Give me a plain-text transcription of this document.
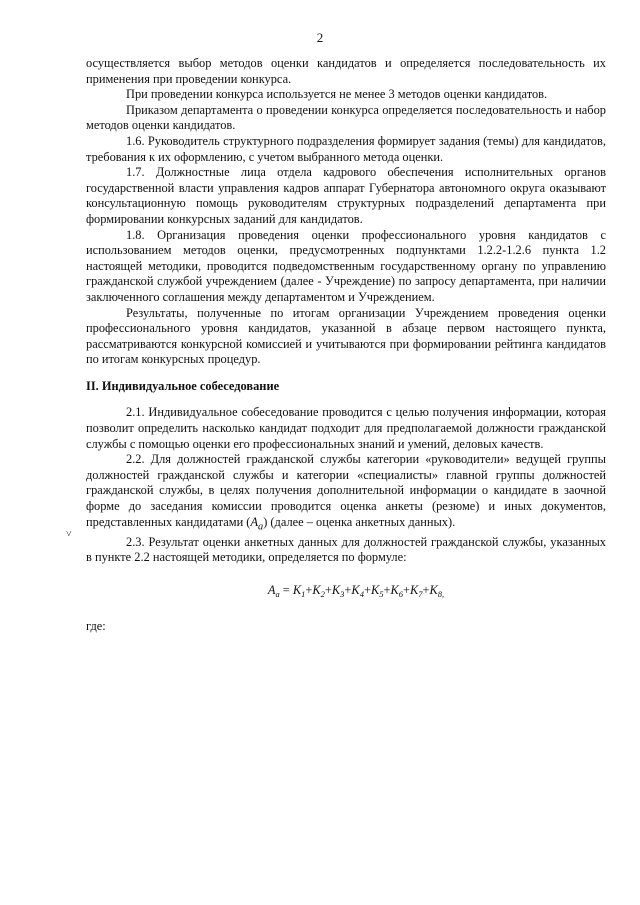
2
˅

осуществляется выбор методов оценки кандидатов и определяется последовательность их применения при проведении конкурса.

При проведении конкурса используется не менее 3 методов оценки кандидатов.

Приказом департамента о проведении конкурса определяется последовательность и набор методов оценки кандидатов.

1.6. Руководитель структурного подразделения формирует задания (темы) для кандидатов, требования к их оформлению, с учетом выбранного метода оценки.

1.7. Должностные лица отдела кадрового обеспечения исполнительных органов государственной власти управления кадров аппарат Губернатора автономного округа оказывают консультационную помощь руководителям структурных подразделений департамента при формировании конкурсных заданий для кандидатов.

1.8. Организация проведения оценки профессионального уровня кандидатов с использованием методов оценки, предусмотренных подпунктами 1.2.2-1.2.6 пункта 1.2 настоящей методики, проводится подведомственным государственному органу по управлению гражданской службой учреждением (далее - Учреждение) по запросу департамента, при наличии заключенного соглашения между департаментом и Учреждением.

Результаты, полученные по итогам организации Учреждением проведения оценки профессионального уровня кандидатов, указанной в абзаце первом настоящего пункта, рассматриваются конкурсной комиссией и учитываются при формировании рейтинга кандидатов по итогам конкурсных процедур.

II. Индивидуальное собеседование

2.1. Индивидуальное собеседование проводится с целью получения информации, которая позволит определить насколько кандидат подходит для предполагаемой должности гражданской службы с помощью оценки его профессиональных знаний и умений, деловых качеств.

2.2. Для должностей гражданской службы категории «руководители» ведущей группы должностей гражданской службы и категории «специалисты» главной группы должностей гражданской службы, в целях получения дополнительной информации о кандидате в заочной форме до заседания комиссии проводится оценка анкеты (резюме) и иных документов, представленных кандидатами $(A_a)$ (далее – оценка анкетных данных).

2.3. Результат оценки анкетных данных для должностей гражданской службы, указанных в пункте 2.2 настоящей методики, определяется по формуле:

$A_a = K_1+K_2+K_3+K_4+K_5+K_6+K_7+K_{8,}$

где:
